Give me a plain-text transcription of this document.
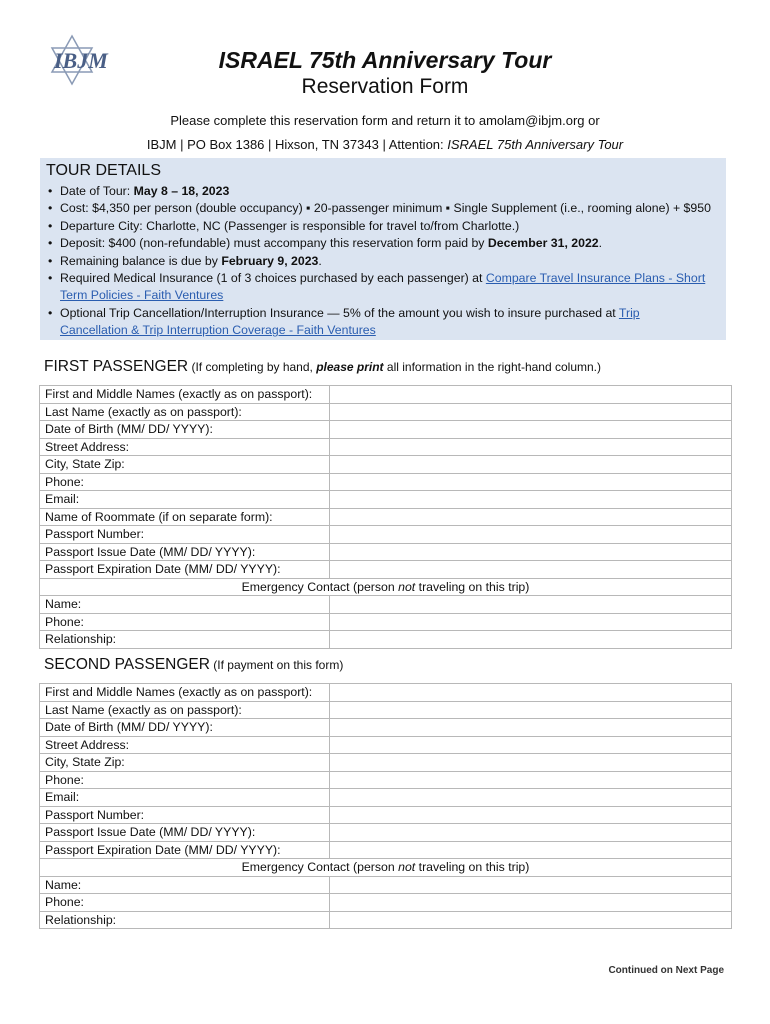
IBJM	ISRAEL 75th Anniversary Tour

Reservation Form

Please complete this reservation form and return it to amolam@ibjm.org or
IBJM | PO Box 1386 | Hixson, TN 37343 | Attention: ISRAEL 75th Anniversary Tour
TOUR DETAILS
• Date of Tour: May 8 – 18, 2023
• Cost: $4,350 per person (double occupancy) ▪ 20-passenger minimum ▪ Single Supplement (i.e., rooming alone) + $950
• Departure City: Charlotte, NC (Passenger is responsible for travel to/from Charlotte.)
• Deposit: $400 (non-refundable) must accompany this reservation form paid by December 31, 2022.
• Remaining balance is due by February 9, 2023.
• Required Medical Insurance (1 of 3 choices purchased by each passenger) at Compare Travel Insurance Plans - Short
Term Policies - Faith Ventures
• Optional Trip Cancellation/Interruption Insurance — 5% of the amount you wish to insure purchased at Trip
Cancellation & Trip Interruption Coverage - Faith Ventures
FIRST PASSENGER (If completing by hand, please print all information in the right-hand column.)
First and Middle Names (exactly as on passport):	
Last Name (exactly as on passport):	
Date of Birth (MM/ DD/ YYYY):	
Street Address:	
City, State Zip:	
Phone:	
Email:	
Name of Roommate (if on separate form):	
Passport Number:	
Passport Issue Date (MM/ DD/ YYYY):	
Passport Expiration Date (MM/ DD/ YYYY):	
Emergency Contact (person not traveling on this trip)	
Name:	
Phone:	
Relationship:	
SECOND PASSENGER (If payment on this form)
First and Middle Names (exactly as on passport):	
Last Name (exactly as on passport):	
Date of Birth (MM/ DD/ YYYY):	
Street Address:	
City, State Zip:	
Phone:	
Email:	
Passport Number:	
Passport Issue Date (MM/ DD/ YYYY):	
Passport Expiration Date (MM/ DD/ YYYY):	
Emergency Contact (person not traveling on this trip)	
Name:	
Phone:	
Relationship:	
Continued on Next Page
